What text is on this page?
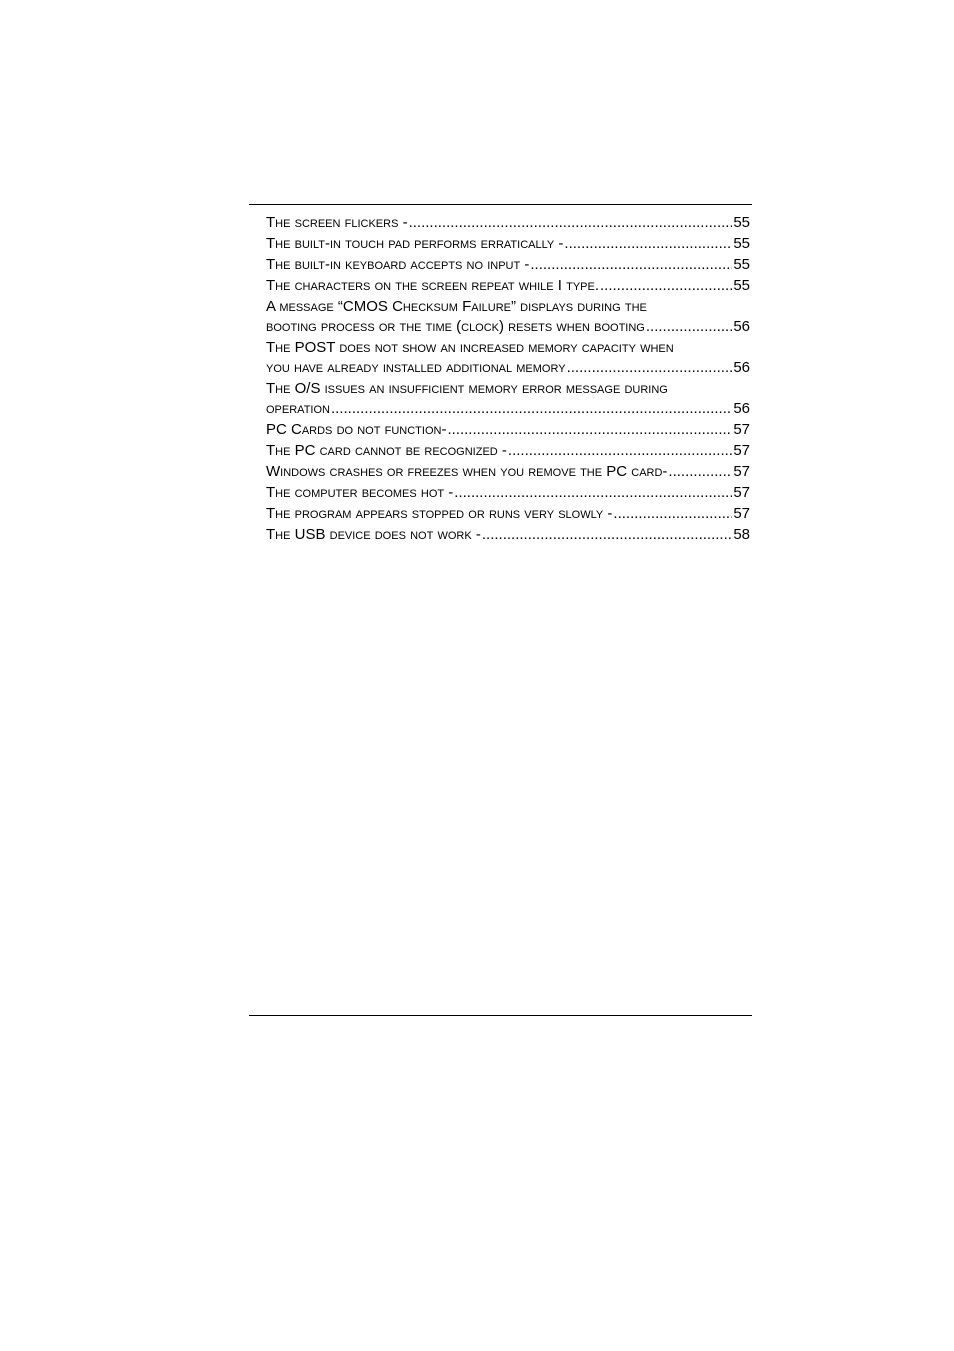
The screen flickers - .....	55
The built-in touch pad performs erratically - .....	55
The built-in keyboard accepts no input - .....	55
The characters on the screen repeat while I type. .....	55
A message “CMOS Checksum Failure” displays during the
booting process or the time (clock) resets when booting .....	56
The POST does not show an increased memory capacity when
you have already installed additional memory .....	56
The O/S issues an insufficient memory error message during
operation .....	56
PC Cards do not function- .....	57
The PC card cannot be recognized - .....	57
Windows crashes or freezes when you remove the PC card- .....	57
The computer becomes hot - .....	57
The program appears stopped or runs very slowly - .....	57
The USB device does not work - .....	58
